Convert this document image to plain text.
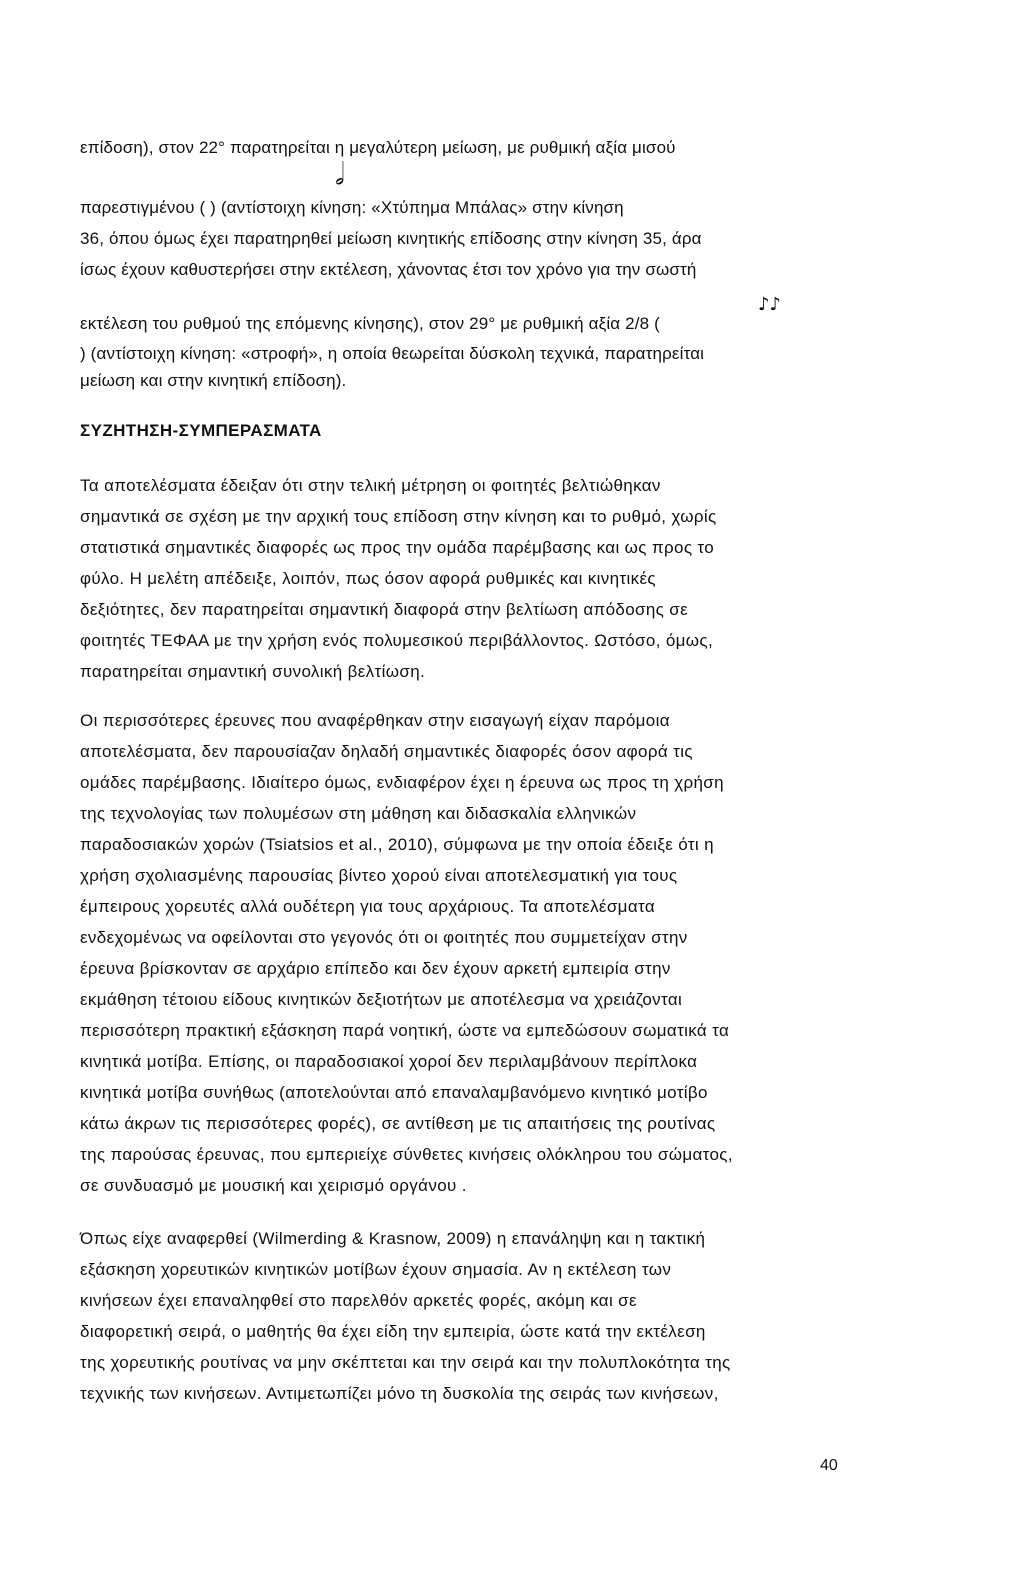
επίδοση), στον 22° παρατηρείται η μεγαλύτερη μείωση, με ρυθμική αξία μισού
𝅗𝅥
παρεστιγμένου ( ) (αντίστοιχη κίνηση: «Χτύπημα Μπάλας» στην κίνηση
36, όπου όμως έχει παρατηρηθεί μείωση κινητικής επίδοσης στην κίνηση 35, άρα
ίσως έχουν καθυστερήσει στην εκτέλεση, χάνοντας έτσι τον χρόνο για την σωστή
εκτέλεση του ρυθμού της επόμενης κίνησης), στον 29° με ρυθμική αξία 2/8 (
♪♪
) (αντίστοιχη κίνηση: «στροφή», η οποία θεωρείται δύσκολη τεχνικά, παρατηρείται
μείωση και στην κινητική επίδοση).
ΣΥΖΗΤΗΣΗ-ΣΥΜΠΕΡΑΣΜΑΤΑ
Τα αποτελέσματα έδειξαν ότι στην τελική μέτρηση οι φοιτητές βελτιώθηκαν
σημαντικά σε σχέση με την αρχική τους επίδοση στην κίνηση και το ρυθμό, χωρίς
στατιστικά σημαντικές διαφορές ως προς την ομάδα παρέμβασης και ως προς το
φύλο. Η μελέτη απέδειξε, λοιπόν, πως όσον αφορά ρυθμικές και κινητικές
δεξιότητες, δεν παρατηρείται σημαντική διαφορά στην βελτίωση απόδοσης σε
φοιτητές ΤΕΦΑΑ με την χρήση ενός πολυμεσικού περιβάλλοντος. Ωστόσο, όμως,
παρατηρείται σημαντική συνολική βελτίωση.
Οι περισσότερες έρευνες που αναφέρθηκαν στην εισαγωγή είχαν παρόμοια
αποτελέσματα, δεν παρουσίαζαν δηλαδή σημαντικές διαφορές όσον αφορά τις
ομάδες παρέμβασης. Ιδιαίτερο όμως, ενδιαφέρον έχει η έρευνα ως προς τη χρήση
της τεχνολογίας των πολυμέσων στη μάθηση και διδασκαλία ελληνικών
παραδοσιακών χορών (Tsiatsios et al., 2010), σύμφωνα με την οποία έδειξε ότι η
χρήση σχολιασμένης παρουσίας βίντεο χορού είναι αποτελεσματική για τους
έμπειρους χορευτές αλλά ουδέτερη για τους αρχάριους. Τα αποτελέσματα
ενδεχομένως να οφείλονται στο γεγονός ότι οι φοιτητές που συμμετείχαν στην
έρευνα βρίσκονταν σε αρχάριο επίπεδο και δεν έχουν αρκετή εμπειρία στην
εκμάθηση τέτοιου είδους κινητικών δεξιοτήτων με αποτέλεσμα να χρειάζονται
περισσότερη πρακτική εξάσκηση παρά νοητική, ώστε να εμπεδώσουν σωματικά τα
κινητικά μοτίβα. Επίσης, οι παραδοσιακοί χοροί δεν περιλαμβάνουν περίπλοκα
κινητικά μοτίβα συνήθως (αποτελούνται από επαναλαμβανόμενο κινητικό μοτίβο
κάτω άκρων τις περισσότερες φορές), σε αντίθεση με τις απαιτήσεις της ρουτίνας
της παρούσας έρευνας, που εμπεριείχε σύνθετες κινήσεις ολόκληρου του σώματος,
σε συνδυασμό με μουσική και χειρισμό οργάνου .
Όπως είχε αναφερθεί (Wilmerding & Krasnow, 2009) η επανάληψη και η τακτική
εξάσκηση χορευτικών κινητικών μοτίβων έχουν σημασία. Αν η εκτέλεση των
κινήσεων έχει επαναληφθεί στο παρελθόν αρκετές φορές, ακόμη και σε
διαφορετική σειρά, ο μαθητής θα έχει είδη την εμπειρία, ώστε κατά την εκτέλεση
της χορευτικής ρουτίνας να μην σκέπτεται και την σειρά και την πολυπλοκότητα της
τεχνικής των κινήσεων. Αντιμετωπίζει μόνο τη δυσκολία της σειράς των κινήσεων,
40
